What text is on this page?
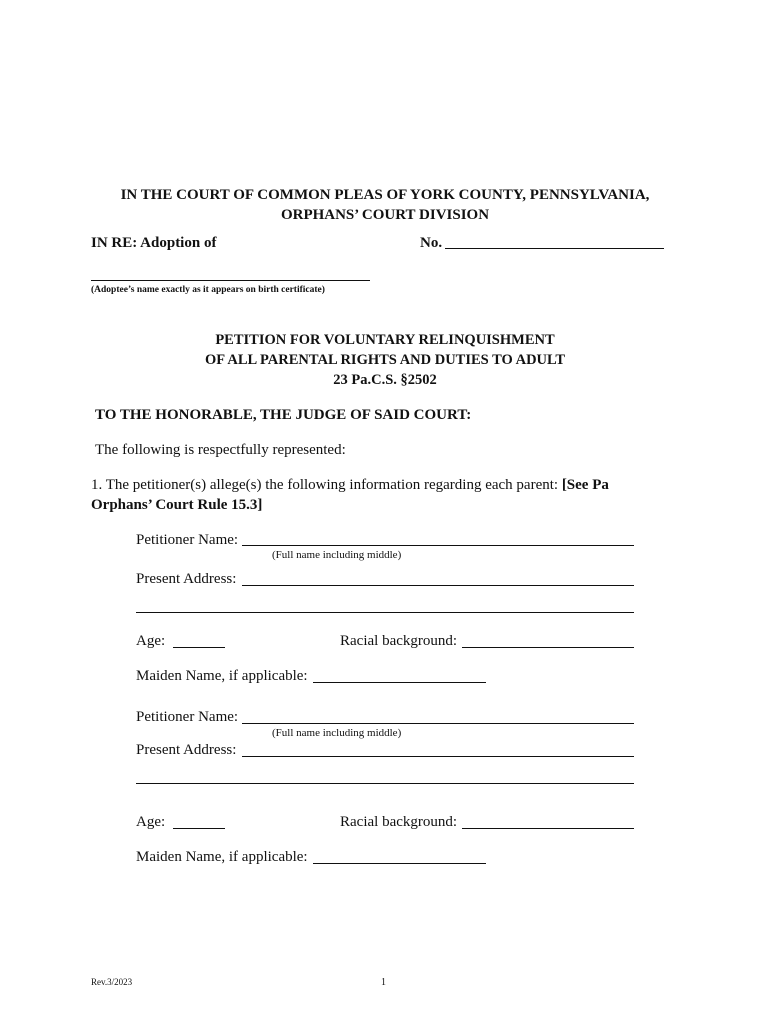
IN THE COURT OF COMMON PLEAS OF YORK COUNTY, PENNSYLVANIA,
ORPHANS’ COURT DIVISION
IN RE: Adoption of	No.
(Adoptee’s name exactly as it appears on birth certificate)
PETITION FOR VOLUNTARY RELINQUISHMENT
OF ALL PARENTAL RIGHTS AND DUTIES TO ADULT
23 Pa.C.S. §2502
TO THE HONORABLE, THE JUDGE OF SAID COURT:
The following is respectfully represented:
1. The petitioner(s) allege(s) the following information regarding each parent: [See Pa
Orphans’ Court Rule 15.3]
Petitioner Name:
(Full name including middle)
Present Address:
Age:	Racial background:
Maiden Name, if applicable:
Petitioner Name:
(Full name including middle)
Present Address:
Age:	Racial background:
Maiden Name, if applicable:
Rev.3/2023	1
